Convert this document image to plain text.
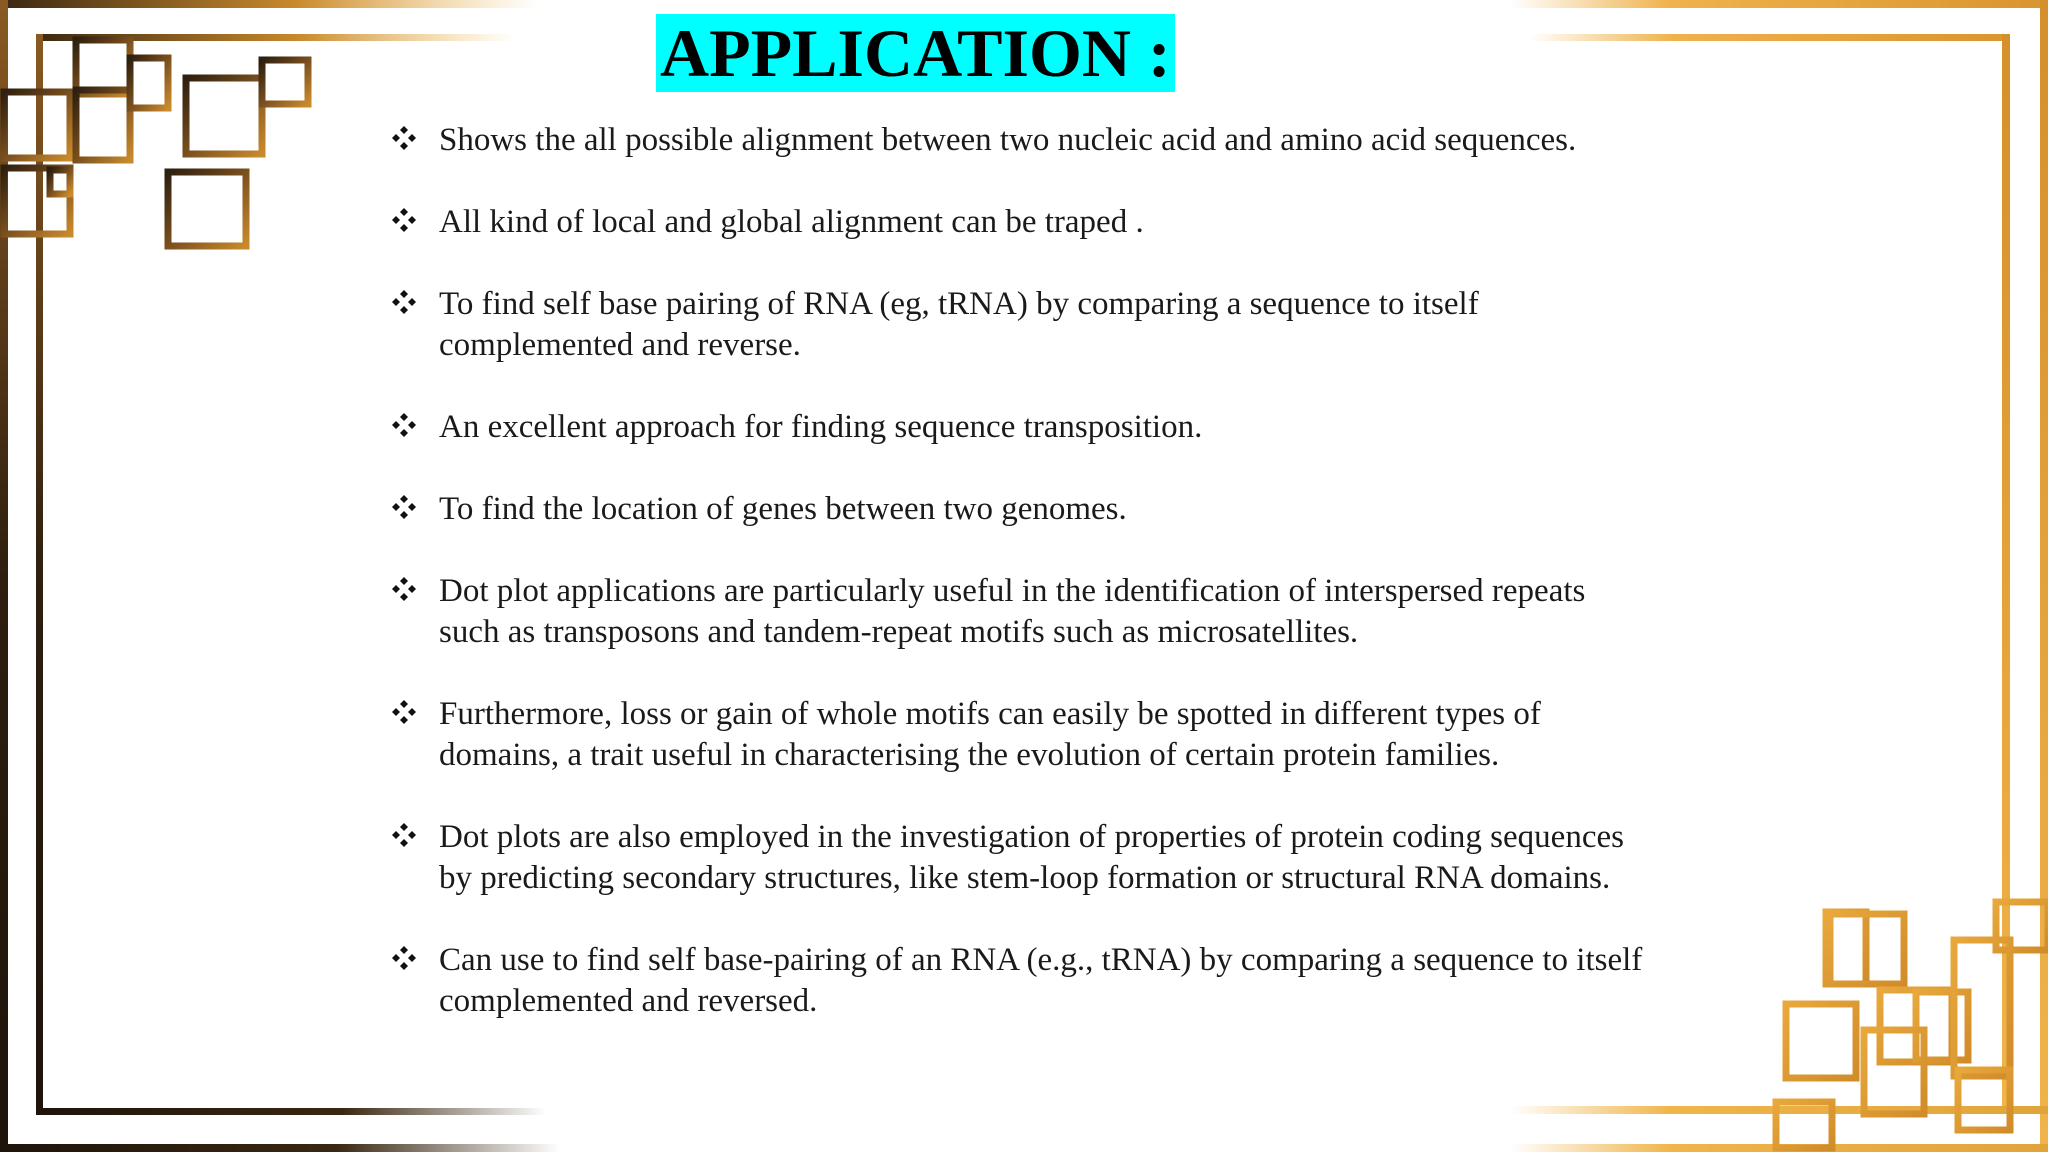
APPLICATION :
Shows the all possible alignment between two nucleic acid and amino acid sequences.
All kind of local and global alignment can be traped .
To find self base pairing of RNA (eg, tRNA) by comparing a sequence to itself complemented and reverse.
An excellent approach for finding sequence transposition.
To find the location of genes between two genomes.
Dot plot applications are particularly useful in the identification of interspersed repeats such as transposons and tandem-repeat motifs such as microsatellites.
Furthermore, loss or gain of whole motifs can easily be spotted in different types of domains, a trait useful in characterising the evolution of certain protein families.
Dot plots are also employed in the investigation of properties of protein coding sequences by predicting secondary structures, like stem-loop formation or structural RNA domains.
Can use to find self base-pairing of an RNA (e.g., tRNA) by comparing a sequence to itself complemented and reversed.
